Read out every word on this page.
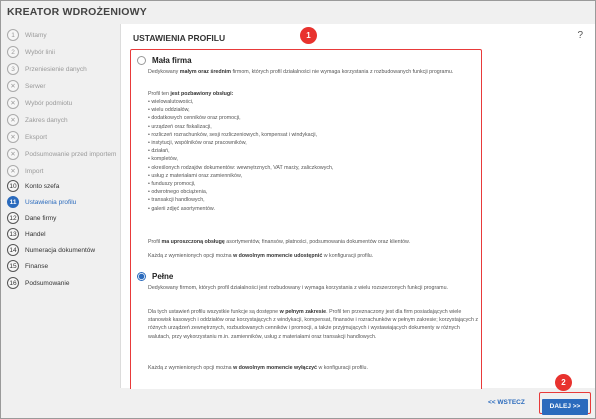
KREATOR WDROŻENIOWY
1	Witamy
2	Wybór linii
3	Przeniesienie danych
✕	Serwer
✕	Wybór podmiotu
✕	Zakres danych
✕	Eksport
✕	Podsumowanie przed importem
✕	Import
10	Konto szefa
11	Ustawienia profilu
12	Dane firmy
13	Handel
14	Numeracja dokumentów
15	Finanse
16	Podsumowanie
USTAWIENIA PROFILU	?
Mała firma
Dedykowany małym oraz średnim firmom, których profil działalności nie wymaga korzystania z rozbudowanych funkcji programu.
Profil ten jest pozbawiony obsługi:
• wielowalutowości,
• wielu oddziałów,
• dodatkowych cenników oraz promocji,
• urządzeń oraz fiskalizacji,
• rozliczeń rozrachunków, sesji rozliczeniowych, kompensat i windykacji,
• instytucji, wspólników oraz pracowników,
• działań,
• kompletów,
• określonych rodzajów dokumentów: wewnętrznych, VAT marży, zaliczkowych,
• usług z materiałami oraz zamienników,
• funduszy promocji,
• odwrotnego obciążenia,
• transakcji handlowych,
• galerii zdjęć asortymentów.
Profil ma uproszczoną obsługę asortymentów, finansów, płatności, podsumowania dokumentów oraz klientów.
Każdą z wymienionych opcji można w dowolnym momencie udostępnić w konfiguracji profilu.
Pełne
Dedykowany firmom, których profil działalności jest rozbudowany i wymaga korzystania z wielu rozszerzonych funkcji programu.
Dla tych ustawień profilu wszystkie funkcje są dostępne w pełnym zakresie. Profil ten przeznaczony jest dla firm posiadających wiele stanowisk kasowych i oddziałów oraz korzystających z windykacji, kompensat, finansów i rozrachunków w pełnym zakresie; korzystających z różnych urządzeń zewnętrznych, rozbudowanych cenników i promocji, a także przyjmujących i wystawiających dokumenty w różnych walutach, przy wykorzystaniu m.in. zamienników, usług z materiałami oraz transakcji handlowych.
Każdą z wymienionych opcji można w dowolnym momencie wyłączyć w konfiguracji profilu.
1
<< WSTECZ
DALEJ >>
2
